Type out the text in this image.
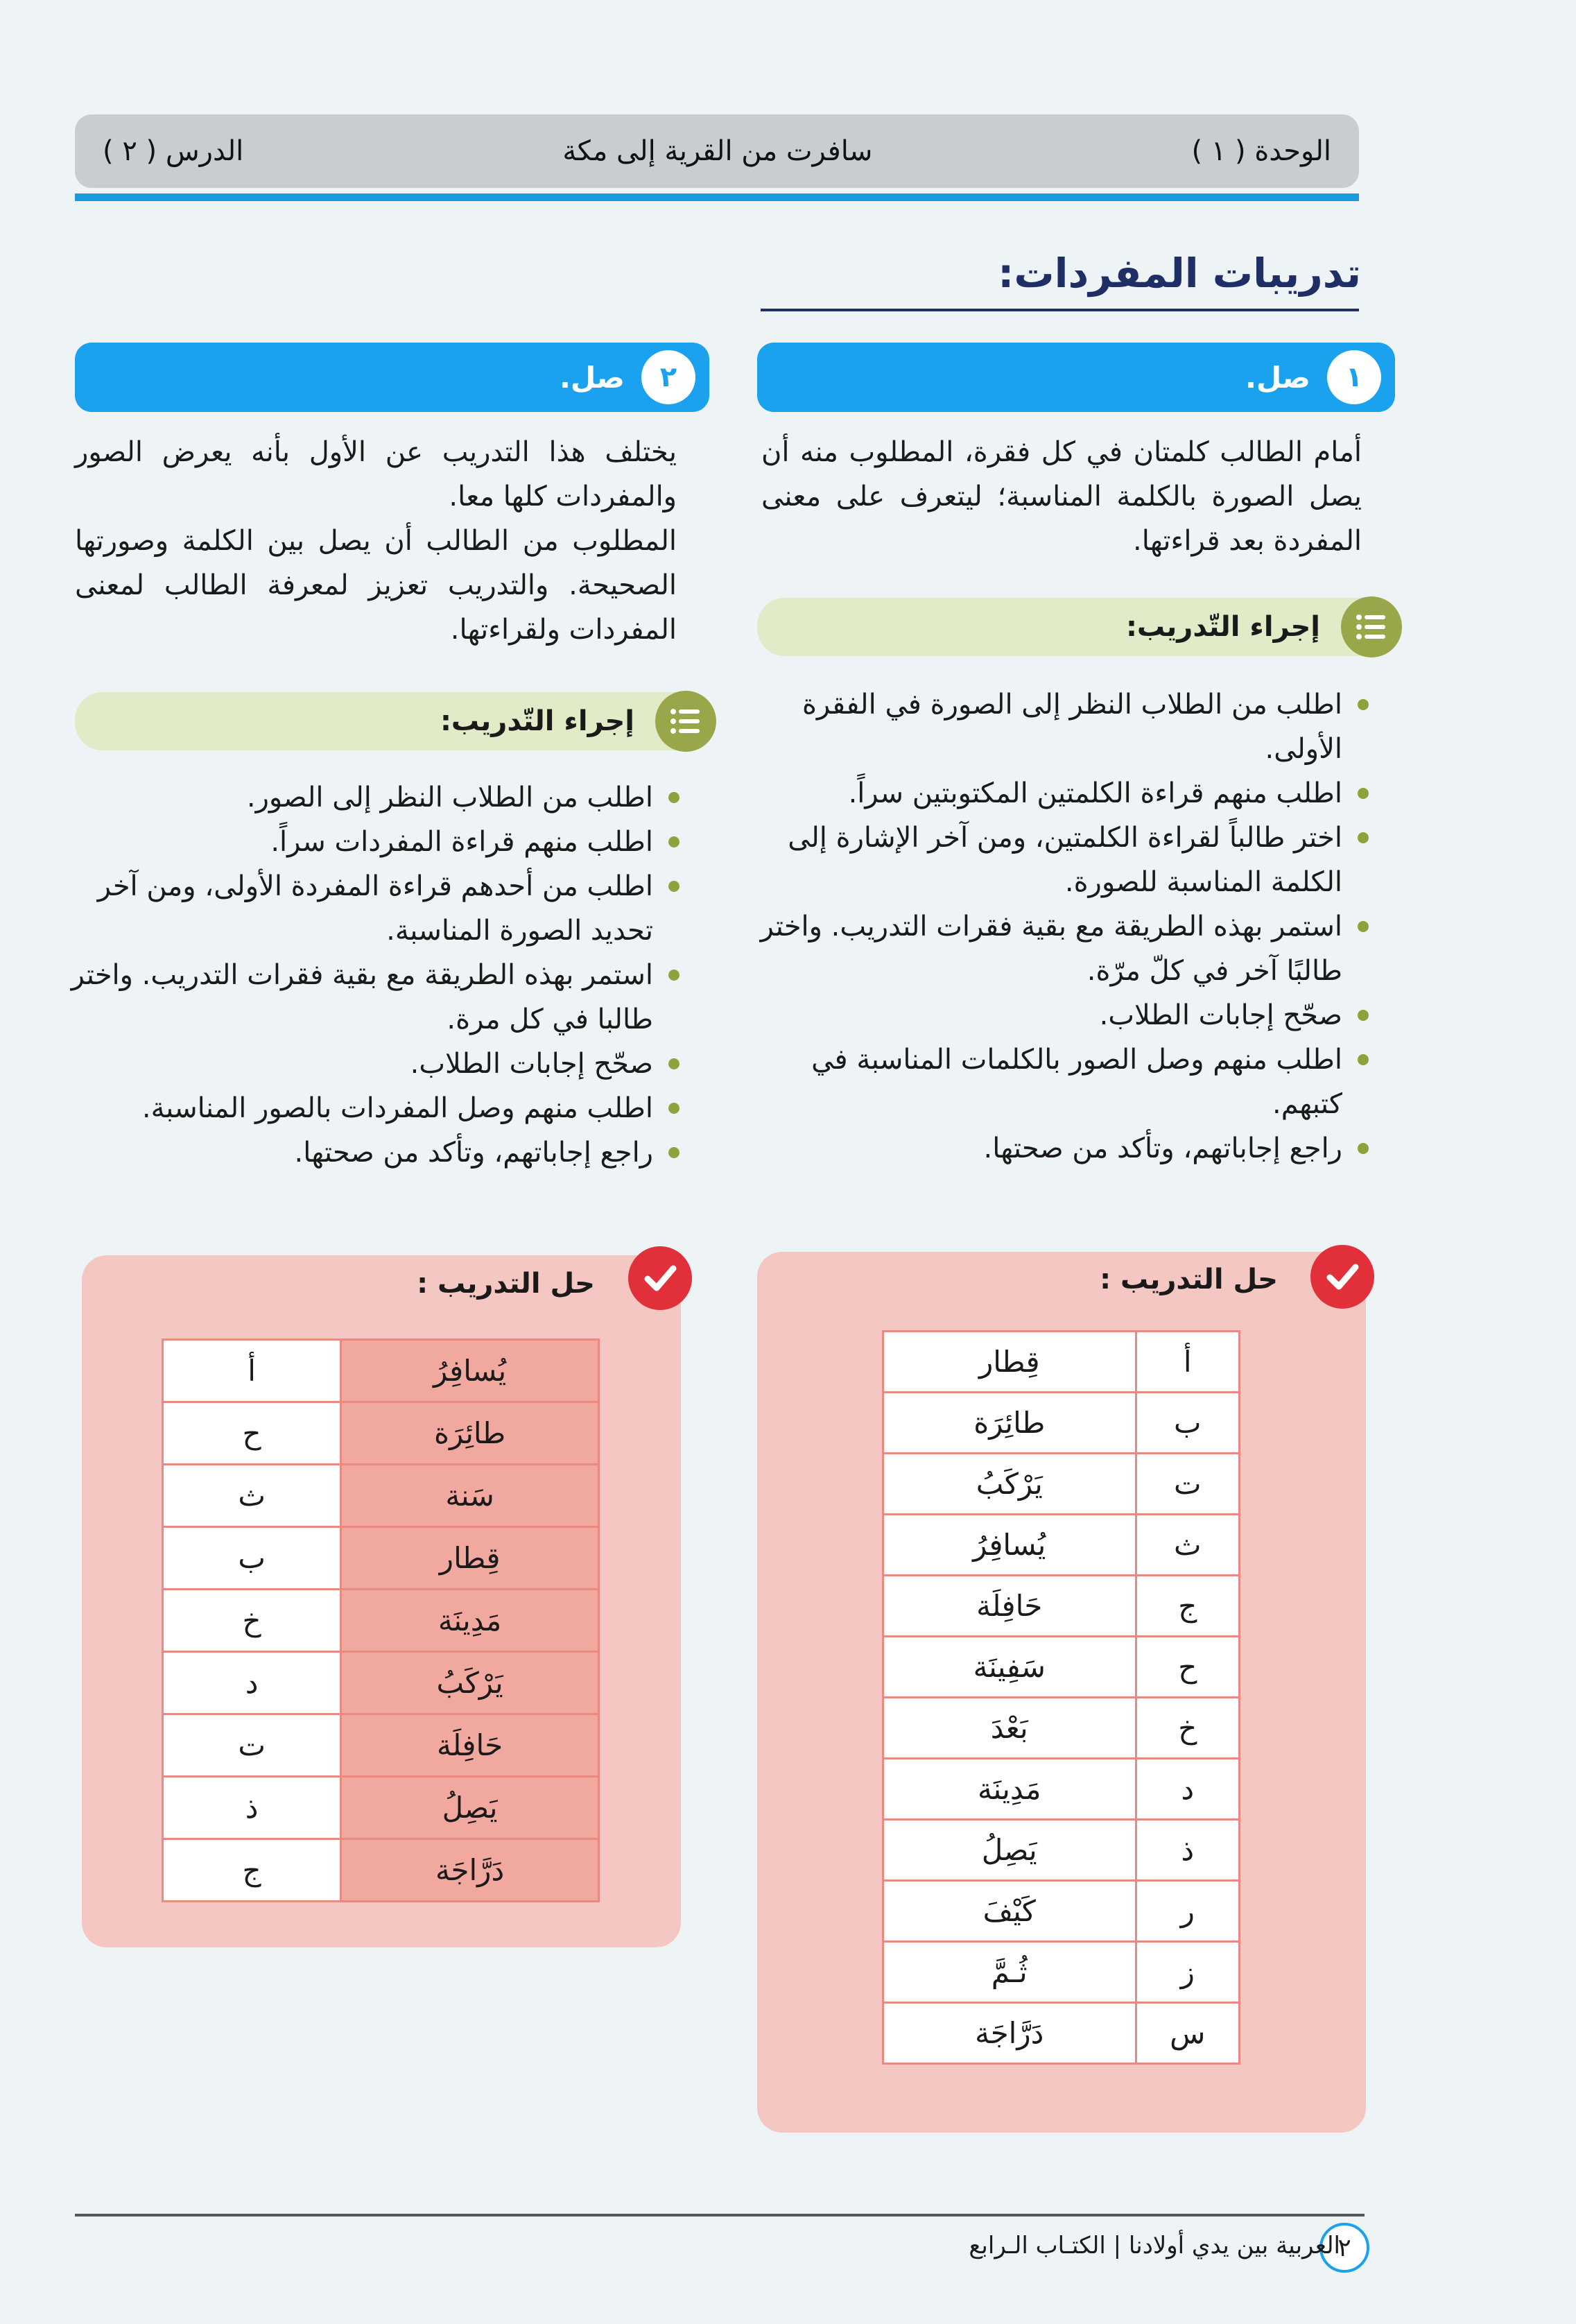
الوحدة ( ١ )
سافرت من القرية إلى مكة
الدرس ( ٢ )
تدريبات المفردات:
١
صل.

أمام الطالب كلمتان في كل فقرة، المطلوب منه أن يصل الصورة بالكلمة المناسبة؛ ليتعرف على معنى المفردة بعد قراءتها.

إجراء التّدريب:
اطلب من الطلاب النظر إلى الصورة في الفقرة الأولى.
اطلب منهم قراءة الكلمتين المكتوبتين سراً.
اختر طالباً لقراءة الكلمتين، ومن آخر الإشارة إلى الكلمة المناسبة للصورة.
استمر بهذه الطريقة مع بقية فقرات التدريب. واختر طالبًا آخر في كلّ مرّة.
صحّح إجابات الطلاب.
اطلب منهم وصل الصور بالكلمات المناسبة في كتبهم.
راجع إجاباتهم، وتأكد من صحتها.
حل التدريب :
أ	قِطار
ب	طائِرَة
ت	يَرْكَبُ
ث	يُسافِرُ
ج	حَافِلَة
ح	سَفِينَة
خ	بَعْدَ
د	مَدِينَة
ذ	يَصِلُ
ر	كَيْفَ
ز	ثُـمَّ
س	دَرَّاجَة
٢
صل.

يختلف هذا التدريب عن الأول بأنه يعرض الصور والمفردات كلها معا.

المطلوب من الطالب أن يصل بين الكلمة وصورتها الصحيحة. والتدريب تعزيز لمعرفة الطالب لمعنى المفردات ولقراءتها.

إجراء التّدريب:
اطلب من الطلاب النظر إلى الصور.
اطلب منهم قراءة المفردات سراً.
اطلب من أحدهم قراءة المفردة الأولى، ومن آخر تحديد الصورة المناسبة.
استمر بهذه الطريقة مع بقية فقرات التدريب. واختر طالبا في كل مرة.
صحّح إجابات الطلاب.
اطلب منهم وصل المفردات بالصور المناسبة.
راجع إجاباتهم، وتأكد من صحتها.
حل التدريب :
يُسافِرُ	أ
طائِرَة	ح
سَنة	ث
قِطار	ب
مَدِينَة	خ
يَرْكَبُ	د
حَافِلَة	ت
يَصِلُ	ذ
دَرَّاجَة	ج
٢
العربية بين يدي أولادنا | الكتـاب الـرابع
